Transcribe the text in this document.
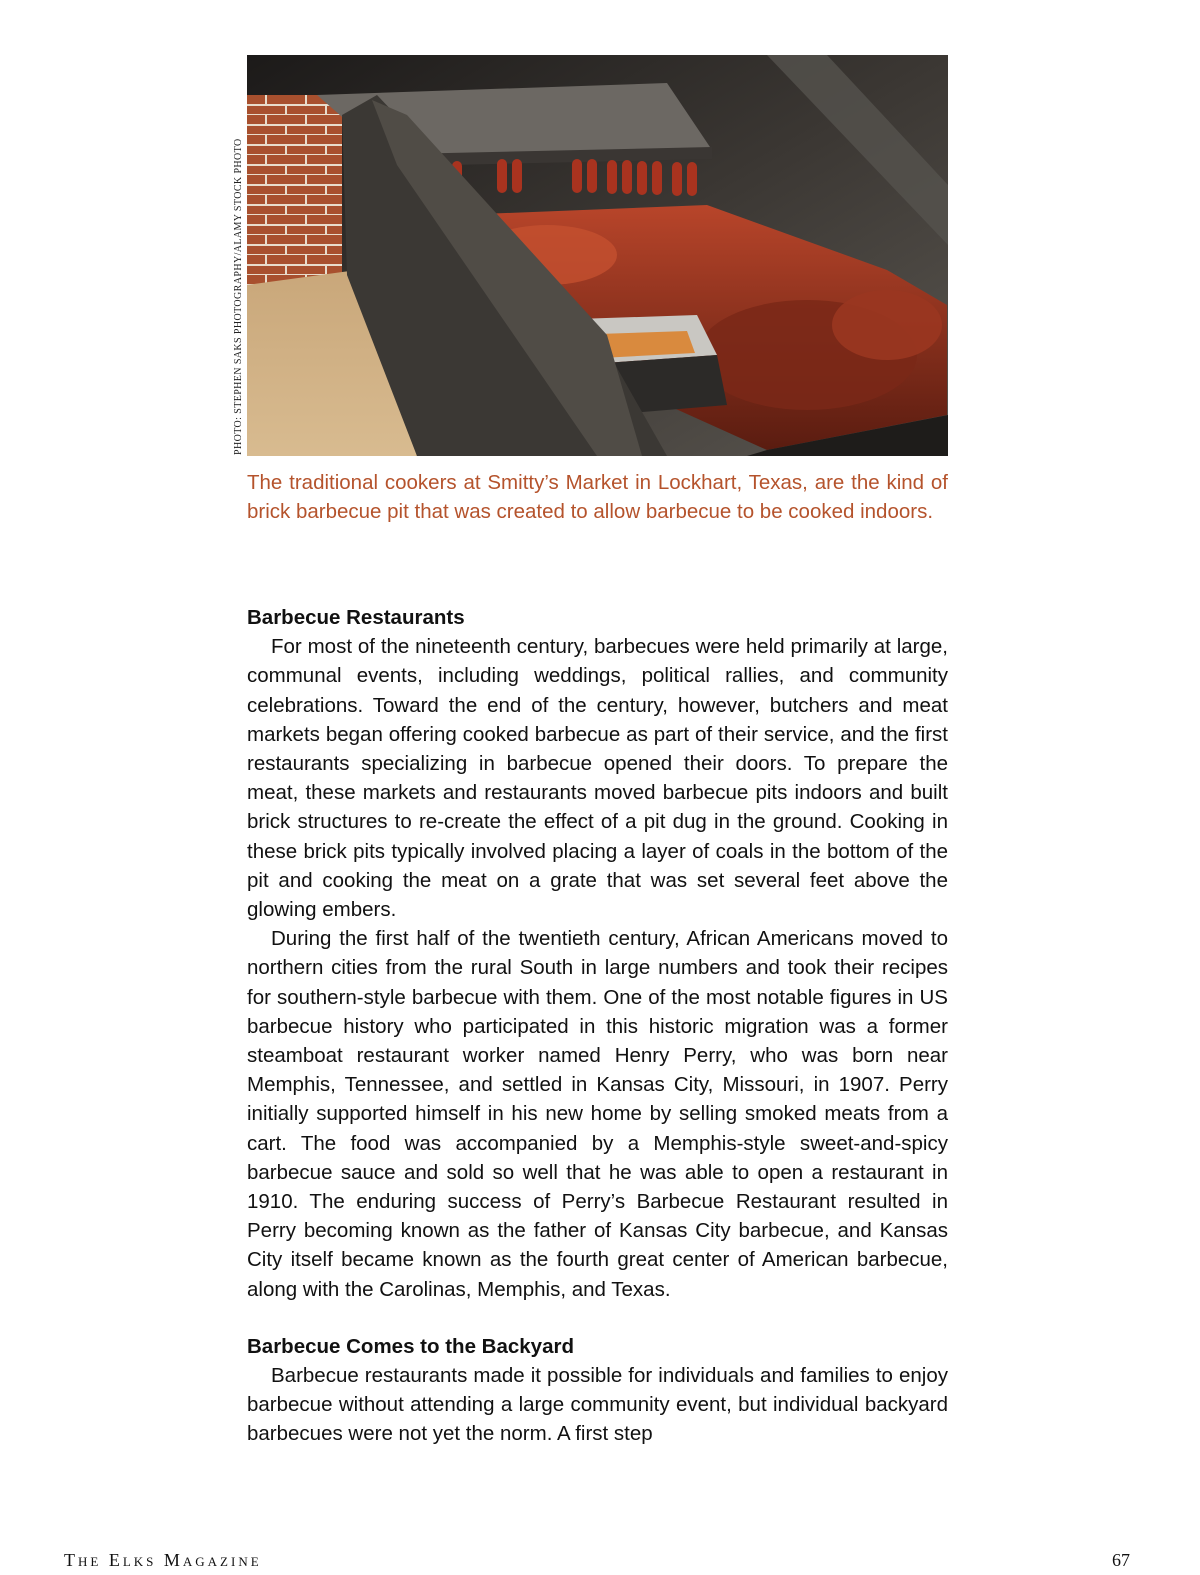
PHOTO: STEPHEN SAKS PHOTOGRAPHY/ALAMY STOCK PHOTO
The traditional cookers at Smitty’s Market in Lockhart, Texas, are the kind of brick barbecue pit that was created to allow barbecue to be cooked indoors.
Barbecue Restaurants

For most of the nineteenth century, barbecues were held primarily at large, communal events, including weddings, political rallies, and community celebrations. Toward the end of the century, however, butchers and meat markets began offering cooked barbecue as part of their service, and the first restaurants specializing in barbecue opened their doors. To prepare the meat, these markets and restaurants moved barbecue pits indoors and built brick structures to re-create the effect of a pit dug in the ground. Cooking in these brick pits typically involved placing a layer of coals in the bottom of the pit and cooking the meat on a grate that was set several feet above the glowing embers.

During the first half of the twentieth century, African Americans moved to northern cities from the rural South in large numbers and took their recipes for southern-style barbecue with them. One of the most notable figures in US barbecue history who participated in this historic migration was a former steamboat restaurant worker named Henry Perry, who was born near Memphis, Tennessee, and settled in Kansas City, Missouri, in 1907. Perry initially supported himself in his new home by selling smoked meats from a cart. The food was accompanied by a Memphis-style sweet-and-spicy barbecue sauce and sold so well that he was able to open a restaurant in 1910. The enduring success of Perry’s Barbecue Restaurant resulted in Perry becoming known as the father of Kansas City barbecue, and Kansas City itself became known as the fourth great center of American barbecue, along with the Carolinas, Memphis, and Texas.

Barbecue Comes to the Backyard

Barbecue restaurants made it possible for individuals and families to enjoy barbecue without attending a large community event, but individual backyard barbecues were not yet the norm. A first step

The Elks Magazine	67
